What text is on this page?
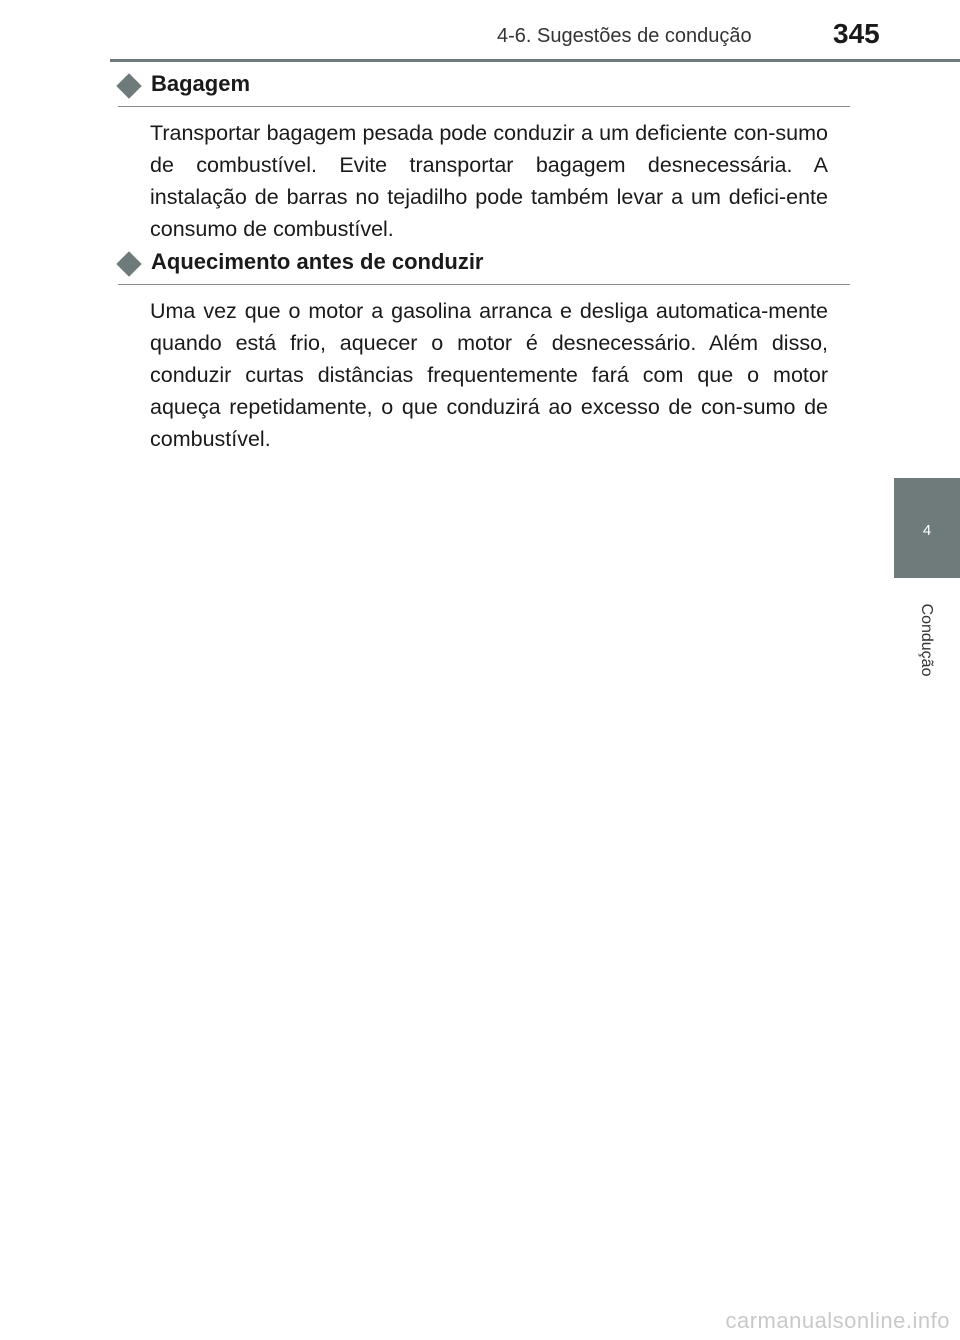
4-6. Sugestões de condução	345
Bagagem

Transportar bagagem pesada pode conduzir a um deficiente con-sumo de combustível. Evite transportar bagagem desnecessária. A instalação de barras no tejadilho pode também levar a um defici-ente consumo de combustível.

Aquecimento antes de conduzir

Uma vez que o motor a gasolina arranca e desliga automatica-mente quando está frio, aquecer o motor é desnecessário. Além disso, conduzir curtas distâncias frequentemente fará com que o motor aqueça repetidamente, o que conduzirá ao excesso de con-sumo de combustível.

4
Condução
carmanualsonline.info
